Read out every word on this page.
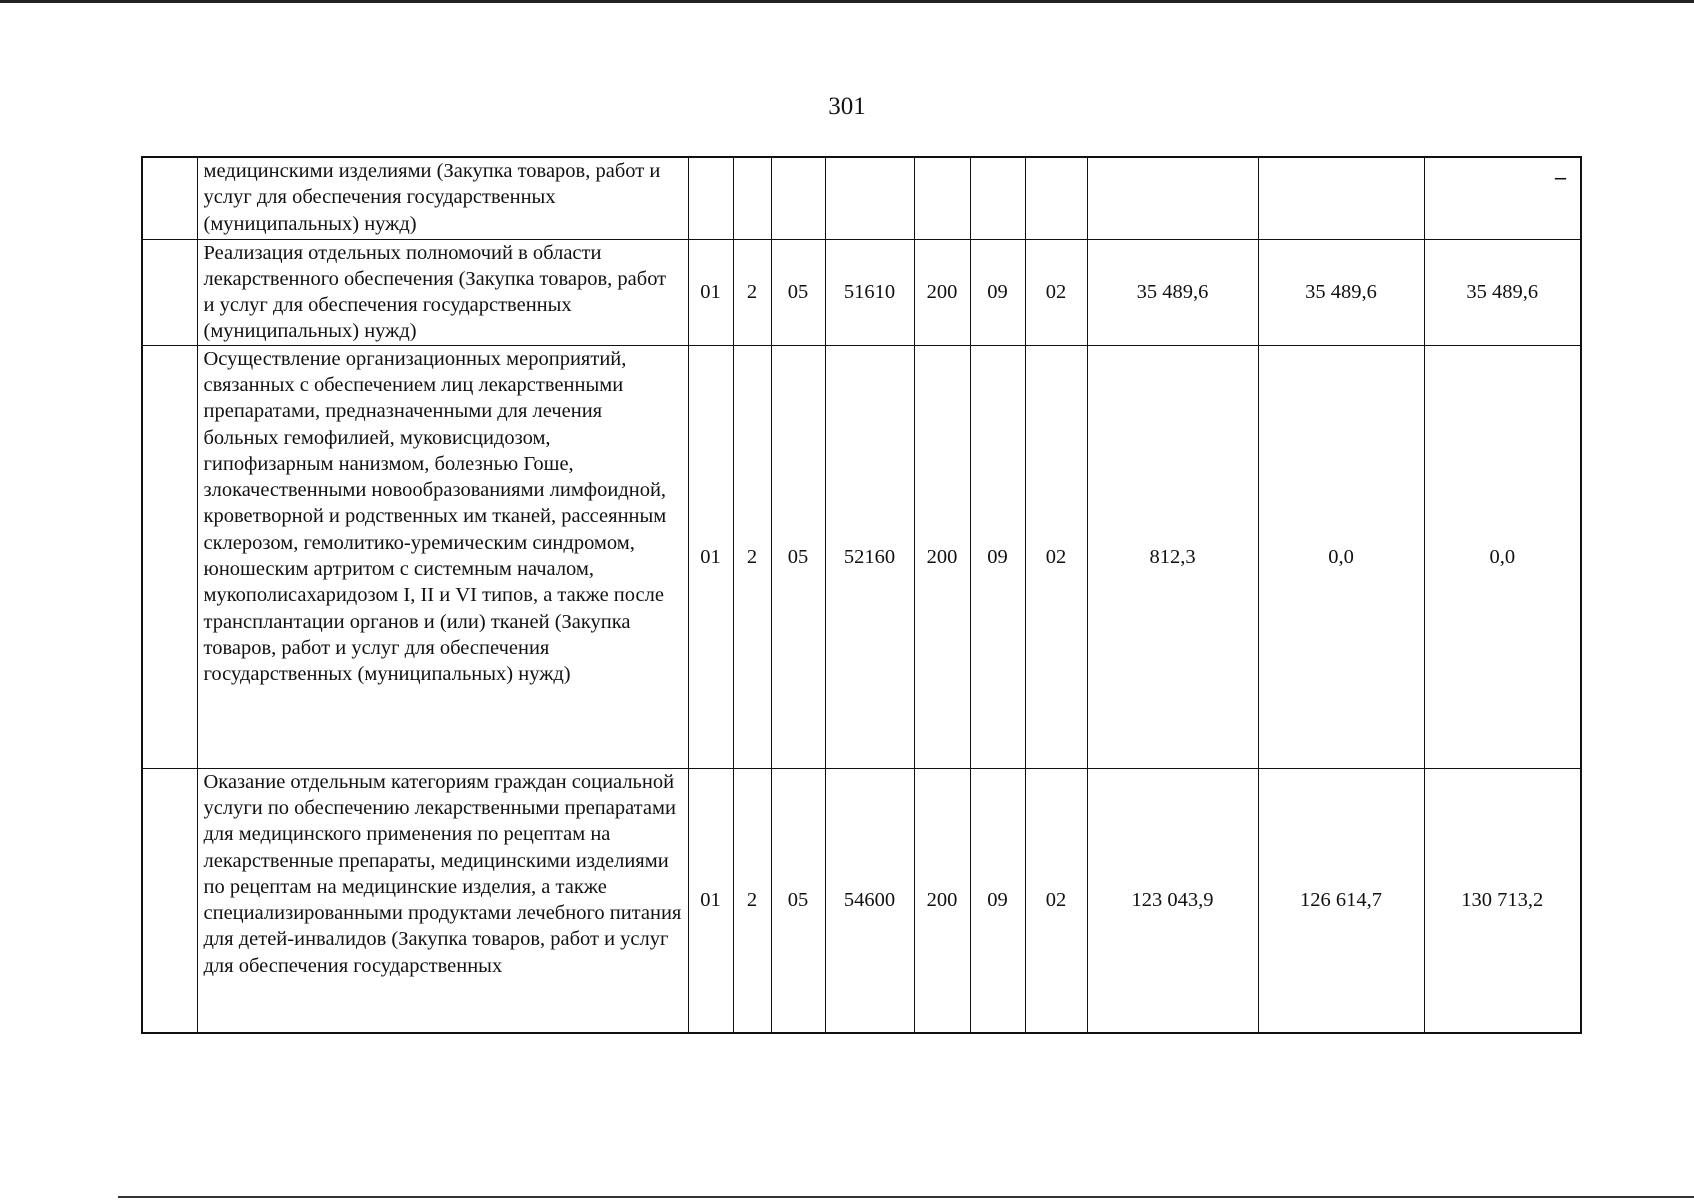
301
	медицинскими изделиями (Закупка товаров, работ и услуг для обеспечения государственных (муниципальных) нужд)										–

	Реализация отдельных полномочий в области лекарственного обеспечения (Закупка товаров, работ и услуг для обеспечения государственных (муниципальных) нужд)	01	2	05	51610	200	09	02	35 489,6	35 489,6	35 489,6
	Осуществление организационных мероприятий, связанных с обеспечением лиц лекарственными препаратами, предназначенными для лечения больных гемофилией, муковисцидозом, гипофизарным нанизмом, болезнью Гоше, злокачественными новообразованиями лимфоидной, кроветворной и родственных им тканей, рассеянным склерозом, гемолитико-уремическим синдромом, юношеским артритом с системным началом, мукополисахаридозом I, II и VI типов, а также после трансплантации органов и (или) тканей (Закупка товаров, работ и услуг для обеспечения государственных (муниципальных) нужд)	01	2	05	52160	200	09	02	812,3	0,0	0,0
	Оказание отдельным категориям граждан социальной услуги по обеспечению лекарственными препаратами для медицинского применения по рецептам на лекарственные препараты, медицинскими изделиями по рецептам на медицинские изделия, а также специализированными продуктами лечебного питания для детей-инвалидов (Закупка товаров, работ и услуг для обеспечения государственных	01	2	05	54600	200	09	02	123 043,9	126 614,7	130 713,2
